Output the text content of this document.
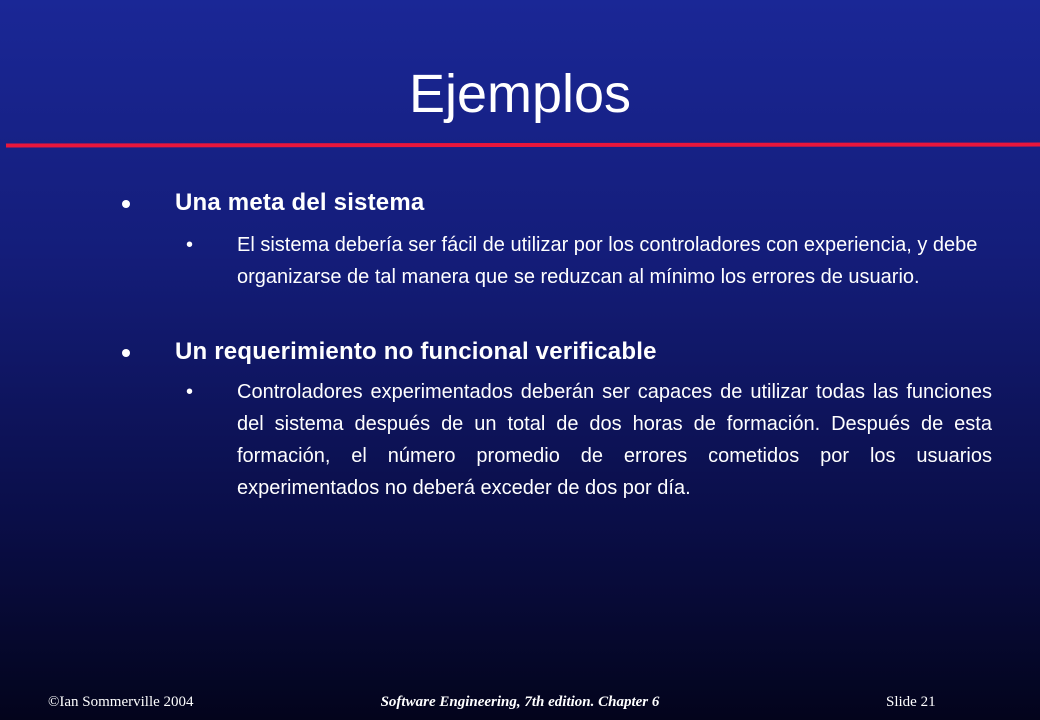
Ejemplos
Una meta del sistema
• El sistema debería ser fácil de utilizar por los controladores con experiencia, y debe organizarse de tal manera que se reduzcan al mínimo los errores de usuario.
Un requerimiento no funcional verificable
• Controladores experimentados deberán ser capaces de utilizar todas las funciones del sistema después de un total de dos horas de formación. Después de esta formación, el número promedio de errores cometidos por los usuarios experimentados no deberá exceder de dos por día.
©Ian Sommerville 2004	Software Engineering, 7th edition. Chapter 6	Slide 21
